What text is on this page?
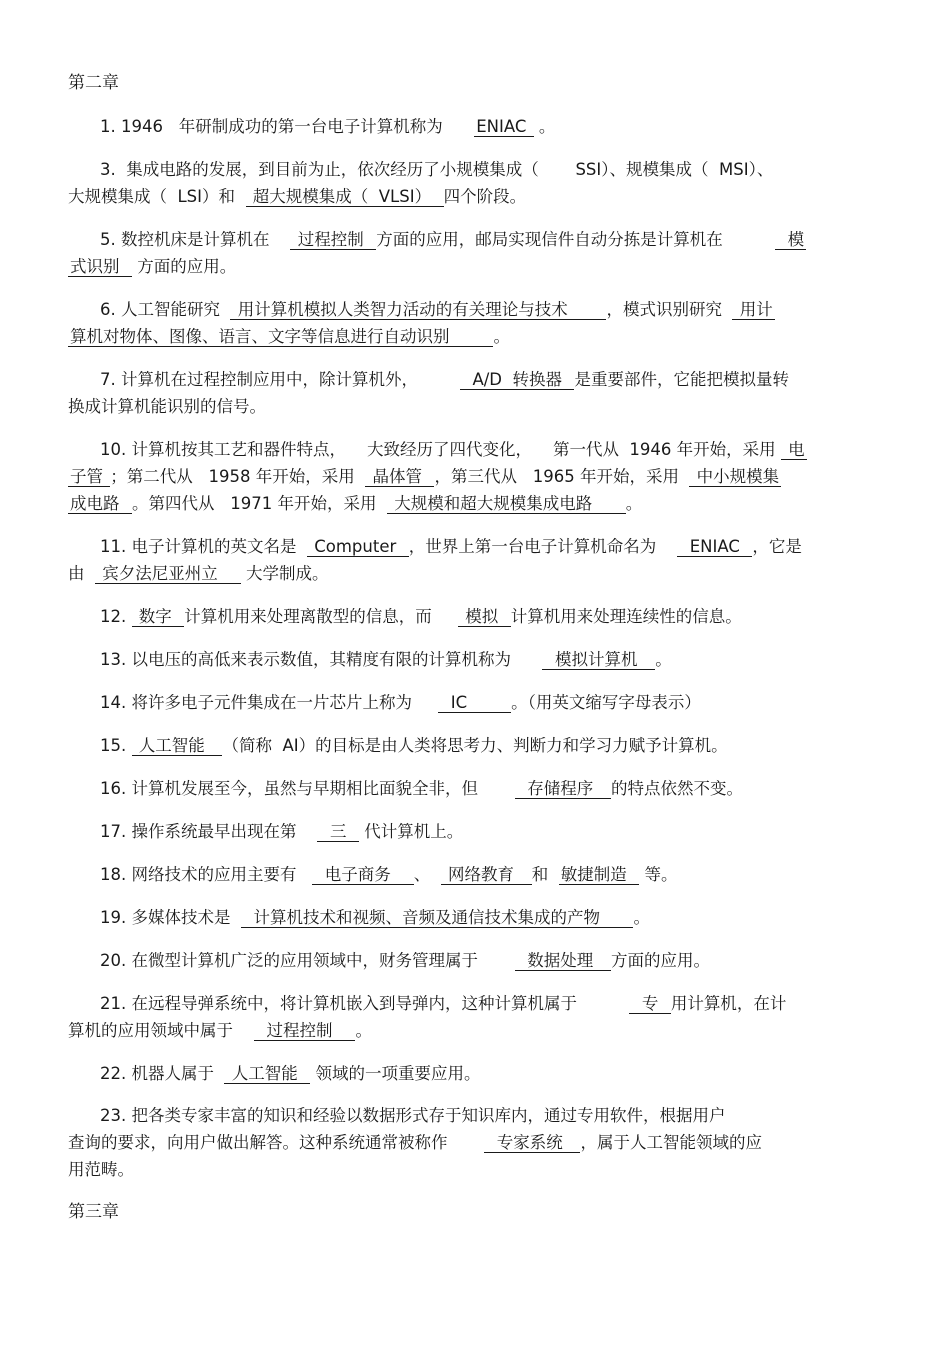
第二章
1. 1946   年研制成功的第一台电子计算机称为      ENIAC  。
3.  集成电路的发展，到目前为止，依次经历了小规模集成（       SSI）、规模集成（  MSI）、
大规模集成（  LSI）和   超大规模集成（  VLSI）  四个阶段。
5. 数控机床是计算机在     过程控制  方面的应用，邮局实现信件自动分拣是计算机在            模
式识别   方面的应用。
6. 人工智能研究   用计算机模拟人类智力活动的有关理论与技术       ，模式识别研究   用计
算机对物体、图像、语言、文字等信息进行自动识别        。
7. 计算机在过程控制应用中，除计算机外，          A/D  转换器  是重要部件，它能把模拟量转
换成计算机能识别的信号。
10. 计算机按其工艺和器件特点，    大致经历了四代变化，    第一代从  1946 年开始，采用  电
子管 ；第二代从   1958 年开始，采用   晶体管  ，第三代从   1965 年开始，采用   中小规模集
成电路  。第四代从   1971 年开始，采用   大规模和超大规模集成电路      。
11. 电子计算机的英文名是   Computer  ，世界上第一台电子计算机命名为      ENIAC  ，它是
由   宾夕法尼亚州立     大学制成。
12.  数字  计算机用来处理离散型的信息，而      模拟  计算机用来处理连续性的信息。
13. 以电压的高低来表示数值，其精度有限的计算机称为        模拟计算机   。
14. 将许多电子元件集成在一片芯片上称为       IC        。（用英文缩写字母表示）
15.  人工智能   （简称  AI）的目标是由人类将思考力、判断力和学习力赋予计算机。
16. 计算机发展至今，虽然与早期相比面貌全非，但         存储程序   的特点依然不变。
17. 操作系统最早出现在第      三   代计算机上。
18. 网络技术的应用主要有     电子商务    、   网络教育   和  敏捷制造   等。
19. 多媒体技术是    计算机技术和视频、音频及通信技术集成的产物      。
20. 在微型计算机广泛的应用领域中，财务管理属于         数据处理   方面的应用。
21. 在远程导弹系统中，将计算机嵌入到导弹内，这种计算机属于            专  用计算机，在计
算机的应用领域中属于      过程控制    。
22. 机器人属于   人工智能   领域的一项重要应用。
23. 把各类专家丰富的知识和经验以数据形式存于知识库内，通过专用软件，根据用户
查询的要求，向用户做出解答。这种系统通常被称作         专家系统   ，属于人工智能领域的应
用范畴。
第三章
